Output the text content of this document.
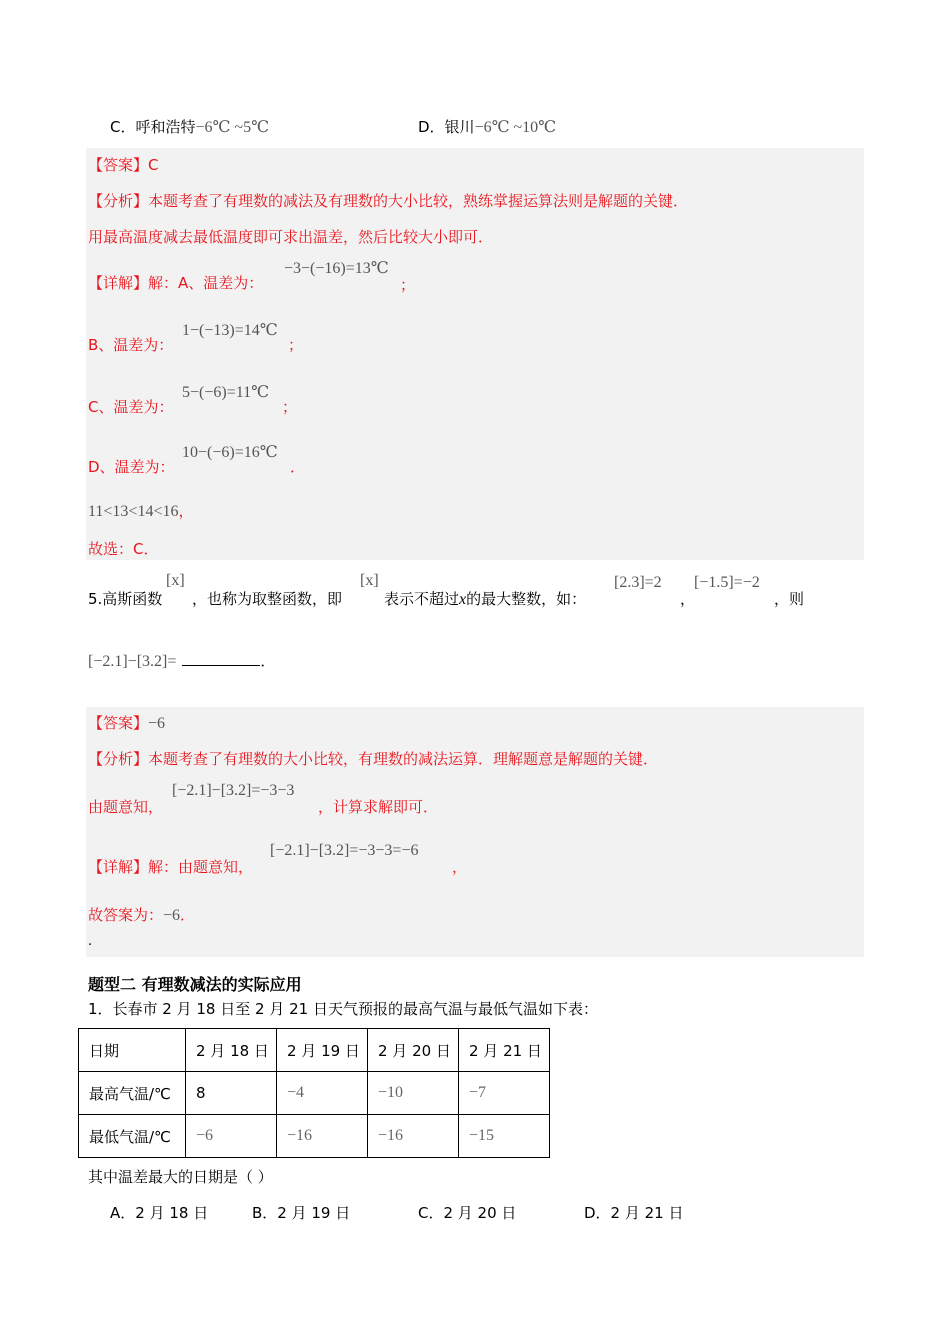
C．呼和浩特−6℃ ~5℃	D．银川−6℃ ~10℃
【答案】C
【分析】本题考查了有理数的减法及有理数的大小比较，熟练掌握运算法则是解题的关键．
用最高温度减去最低温度即可求出温差，然后比较大小即可．
【详解】解：A、温差为：
−3−(−16)=13℃
；
B、温差为：
1−(−13)=14℃
；
C、温差为：
5−(−6)=11℃
；
D、温差为：
10−(−6)=16℃
．
11<13<14<16，
故选：C．
5.高斯函数
[x]
，也称为取整函数，即
[x]
表示不超过x的最大整数，如：
[2.3]=2
，
[−1.5]=−2
，则
[−2.1]−[3.2]=	．
【答案】−6
【分析】本题考查了有理数的大小比较，有理数的减法运算．理解题意是解题的关键．
由题意知，
[−2.1]−[3.2]=−3−3
，计算求解即可．
【详解】解：由题意知，
[−2.1]−[3.2]=−3−3=−6
，
故答案为：−6．
.
题型二 有理数减法的实际应用
1．长春市 2 月 18 日至 2 月 21 日天气预报的最高气温与最低气温如下表：
日期	2 月 18 日	2 月 19 日	2 月 20 日	2 月 21 日
最高气温/℃	8	−4	−10	−7
最低气温/℃	−6	−16	−16	−15
其中温差最大的日期是（ ）
A．2 月 18 日	B．2 月 19 日	C．2 月 20 日	D．2 月 21 日
